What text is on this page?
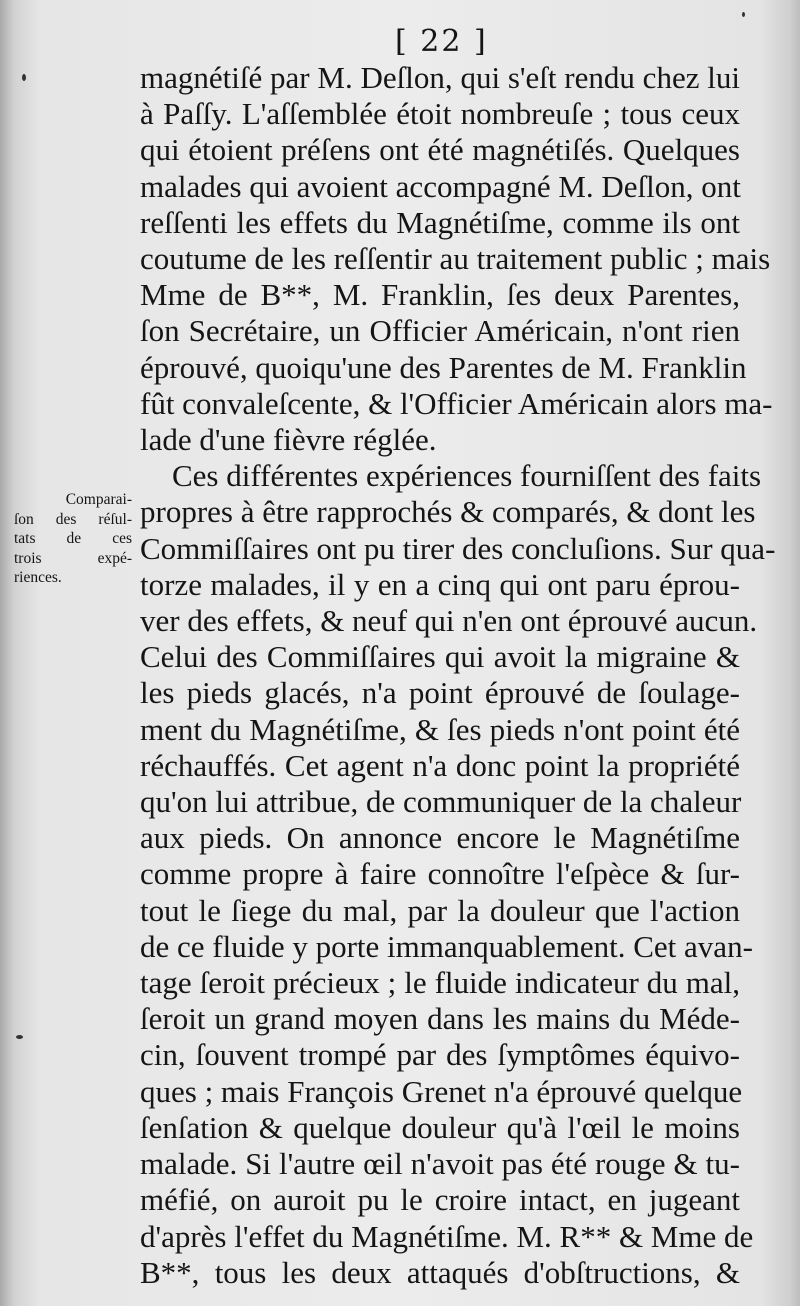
[ 22 ]
Comparai-
ſon des réſul-
tats de ces
trois expé-
riences.
magnétiſé par M. Deſlon, qui s'eſt rendu chez lui
à Paſſy. L'aſſemblée étoit nombreuſe ; tous ceux
qui étoient préſens ont été magnétiſés. Quelques
malades qui avoient accompagné M. Deſlon, ont
reſſenti les effets du Magnétiſme, comme ils ont
coutume de les reſſentir au traitement public ; mais
Mme de B**, M. Franklin, ſes deux Parentes,
ſon Secrétaire, un Officier Américain, n'ont rien
éprouvé, quoiqu'une des Parentes de M. Franklin
fût convaleſcente, & l'Officier Américain alors ma-
lade d'une fièvre réglée.
Ces différentes expériences fourniſſent des faits
propres à être rapprochés & comparés, & dont les
Commiſſaires ont pu tirer des concluſions. Sur qua-
torze malades, il y en a cinq qui ont paru éprou-
ver des effets, & neuf qui n'en ont éprouvé aucun.
Celui des Commiſſaires qui avoit la migraine &
les pieds glacés, n'a point éprouvé de ſoulage-
ment du Magnétiſme, & ſes pieds n'ont point été
réchauffés. Cet agent n'a donc point la propriété
qu'on lui attribue, de communiquer de la chaleur
aux pieds. On annonce encore le Magnétiſme
comme propre à faire connoître l'eſpèce & ſur-
tout le ſiege du mal, par la douleur que l'action
de ce fluide y porte immanquablement. Cet avan-
tage ſeroit précieux ; le fluide indicateur du mal,
ſeroit un grand moyen dans les mains du Méde-
cin, ſouvent trompé par des ſymptômes équivo-
ques ; mais François Grenet n'a éprouvé quelque
ſenſation & quelque douleur qu'à l'œil le moins
malade. Si l'autre œil n'avoit pas été rouge & tu-
méfié, on auroit pu le croire intact, en jugeant
d'après l'effet du Magnétiſme. M. R** & Mme de
B**, tous les deux attaqués d'obſtructions, &
